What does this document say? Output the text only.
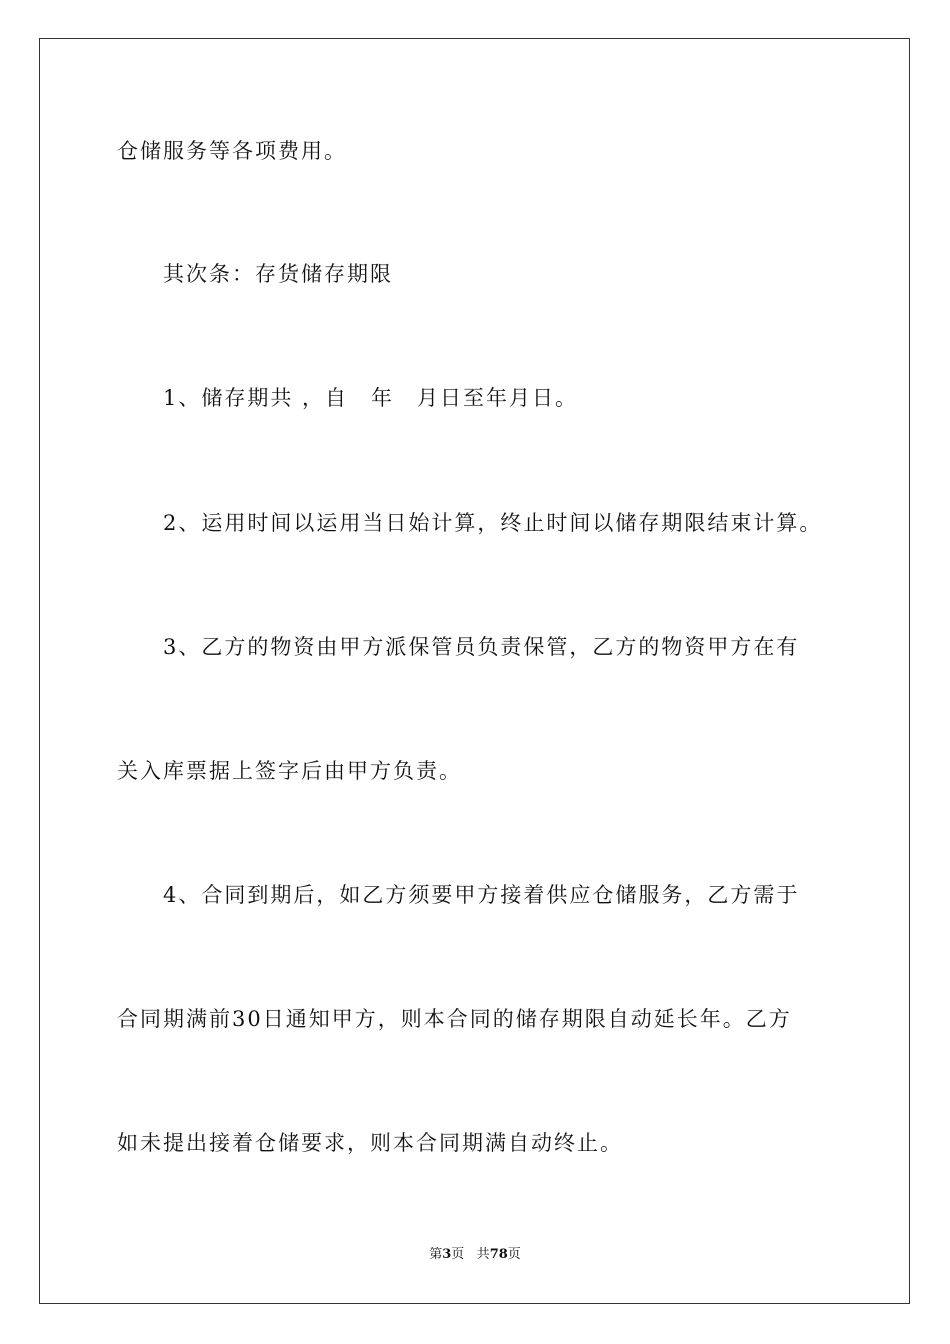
仓储服务等各项费用。
其次条：存货储存期限
1、储存期共 ，自　年　月日至年月日。
2、运用时间以运用当日始计算，终止时间以储存期限结束计算。
3、乙方的物资由甲方派保管员负责保管，乙方的物资甲方在有
关入库票据上签字后由甲方负责。
4、合同到期后，如乙方须要甲方接着供应仓储服务，乙方需于
合同期满前30日通知甲方，则本合同的储存期限自动延长年。乙方
如未提出接着仓储要求，则本合同期满自动终止。
第3页 共78页
